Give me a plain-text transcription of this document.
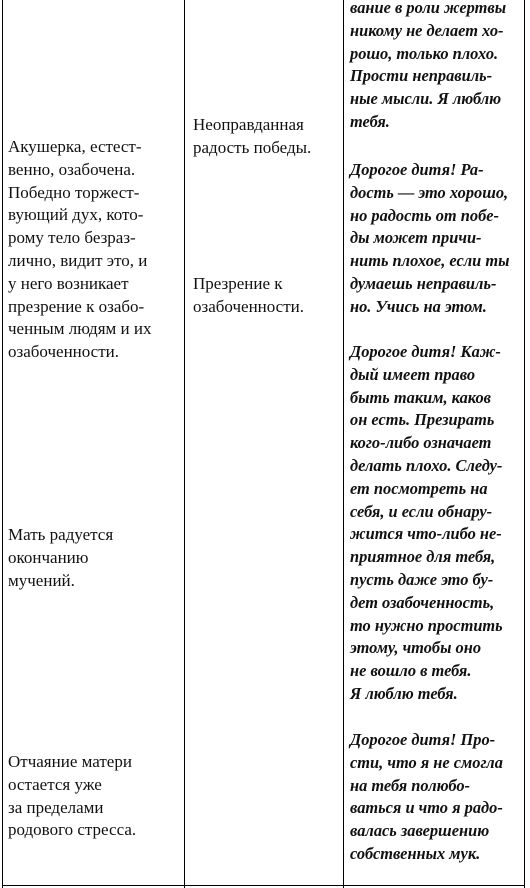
Акушерка, естест-
венно, озабочена.
Победно торжест-
вующий дух, кото-
рому тело безраз-
лично, видит это, и
у него возникает
презрение к озабо-
ченным людям и их
озабоченности.

Мать радуется
окончанию
мучений.

Отчаяние матери
остается уже
за пределами
родового стресса.

Неоправданная
радость победы.

Презрение к
озабоченности.

вание в роли жертвы
никому не делает хо-
рошо, только плохо.
Прости неправиль-
ные мысли. Я люблю
тебя.

Дорогое дитя! Ра-
дость — это хорошо,
но радость от побе-
ды может причи-
нить плохое, если ты
думаешь неправиль-
но. Учись на этом.

Дорогое дитя! Каж-
дый имеет право
быть таким, каков
он есть. Презирать
кого-либо означает
делать плохо. Следу-
ет посмотреть на
себя, и если обнару-
жится что-либо не-
приятное для тебя,
пусть даже это бу-
дет озабоченность,
то нужно простить
этому, чтобы оно
не вошло в тебя.
Я люблю тебя.

Дорогое дитя! Про-
сти, что я не смогла
на тебя полюбо-
ваться и что я радо-
валась завершению
собственных мук.
